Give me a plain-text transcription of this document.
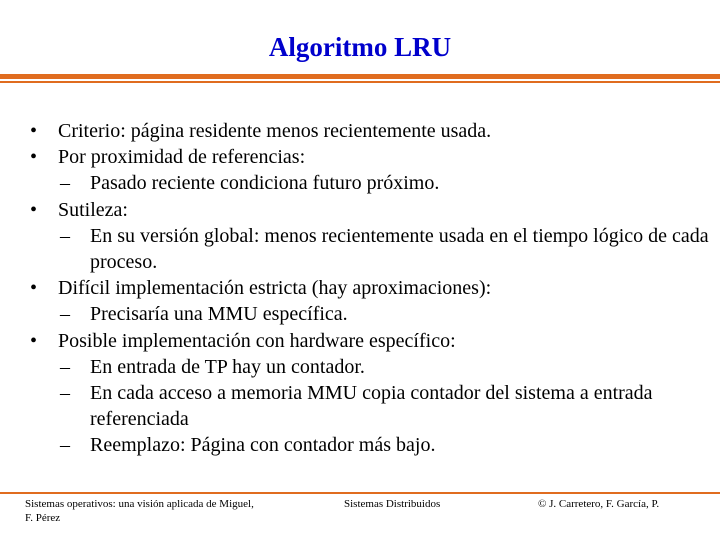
Algoritmo LRU
• Criterio: página residente menos recientemente usada.
• Por proximidad de referencias:
– Pasado reciente condiciona futuro próximo.
• Sutileza:
– En su versión global: menos recientemente usada en el tiempo lógico de cada proceso.
• Difícil implementación estricta (hay aproximaciones):
– Precisaría una MMU específica.
• Posible implementación con hardware específico:
– En entrada de TP hay un contador.
– En cada acceso a memoria MMU copia contador del sistema a entrada referenciada
– Reemplazo: Página con contador más bajo.
Sistemas operativos: una visión aplicada de Miguel, F. Pérez
Sistemas Distribuidos	© J. Carretero, F. García, P.
